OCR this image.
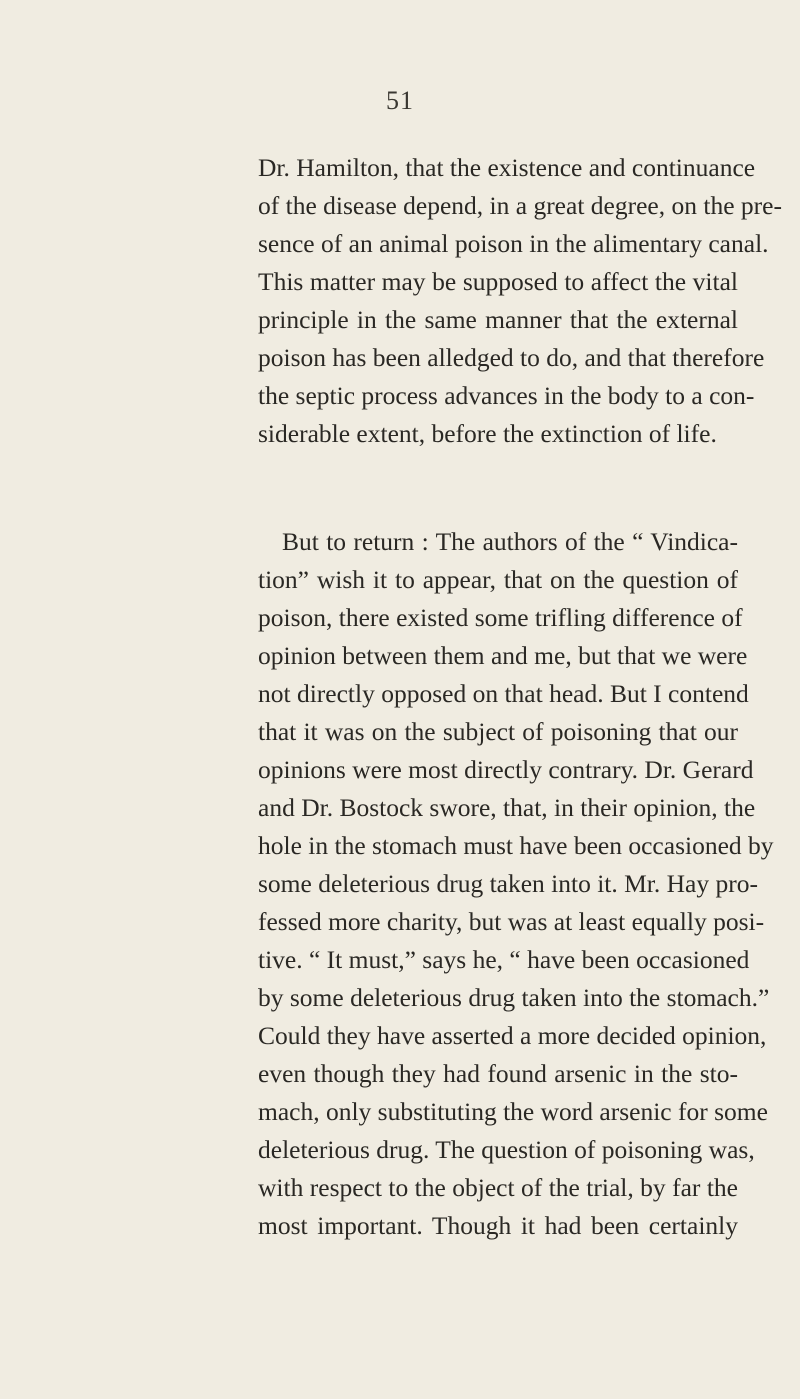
51
Dr. Hamilton, that the existence and continuance
of the disease depend, in a great degree, on the pre-
sence of an animal poison in the alimentary canal.
This matter may be supposed to affect the vital
principle in the same manner that the external
poison has been alledged to do, and that therefore
the septic process advances in the body to a con-
siderable extent, before the extinction of life.
But to return : The authors of the “ Vindica-
tion” wish it to appear, that on the question of
poison, there existed some trifling difference of
opinion between them and me, but that we were
not directly opposed on that head. But I contend
that it was on the subject of poisoning that our
opinions were most directly contrary. Dr. Gerard
and Dr. Bostock swore, that, in their opinion, the
hole in the stomach must have been occasioned by
some deleterious drug taken into it. Mr. Hay pro-
fessed more charity, but was at least equally posi-
tive. “ It must,” says he, “ have been occasioned
by some deleterious drug taken into the stomach.”
Could they have asserted a more decided opinion,
even though they had found arsenic in the sto-
mach, only substituting the word arsenic for some
deleterious drug. The question of poisoning was,
with respect to the object of the trial, by far the
most important. Though it had been certainly
